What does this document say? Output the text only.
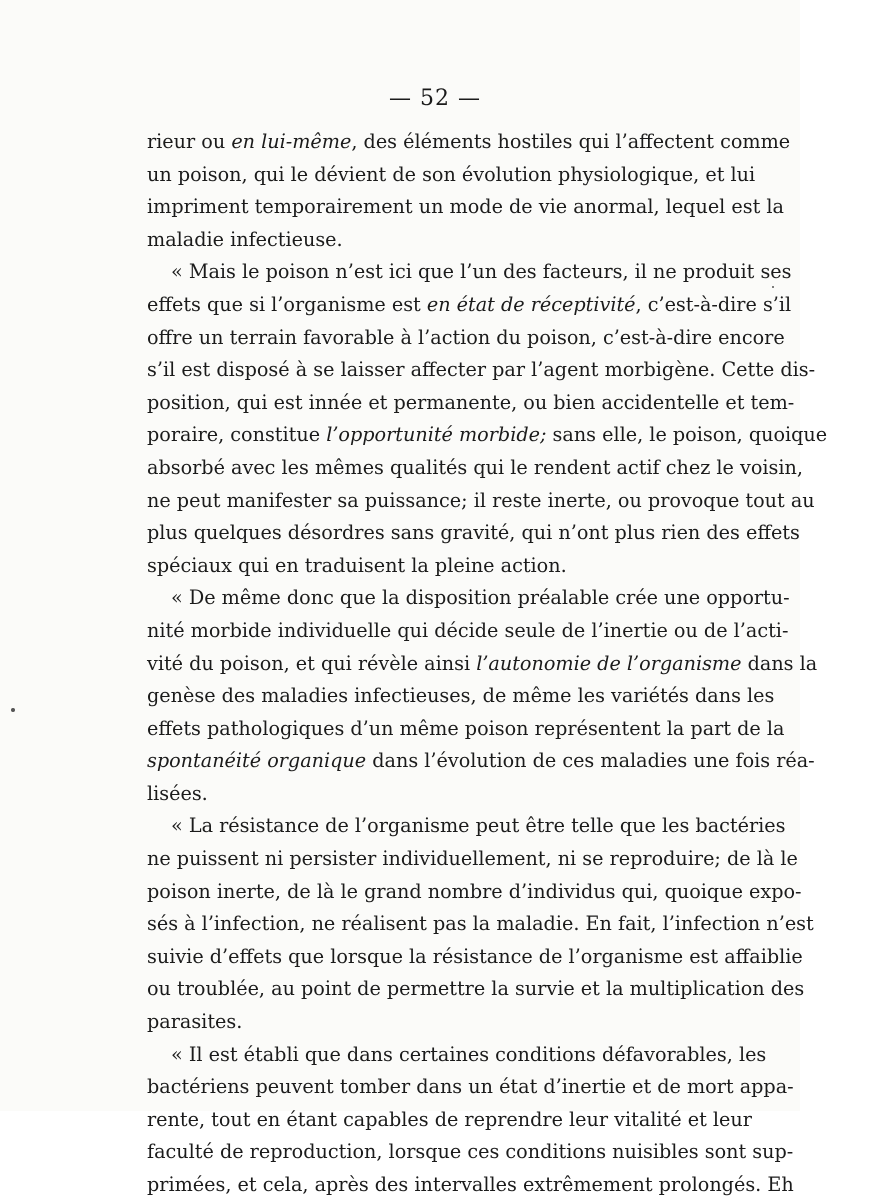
— 52 —
rieur ou en lui-même, des éléments hostiles qui l’affectent comme
un poison, qui le dévient de son évolution physiologique, et lui
impriment temporairement un mode de vie anormal, lequel est la
maladie infectieuse.
« Mais le poison n’est ici que l’un des facteurs, il ne produit ses
effets que si l’organisme est en état de réceptivité, c’est-à-dire s’il
offre un terrain favorable à l’action du poison, c’est-à-dire encore
s’il est disposé à se laisser affecter par l’agent morbigène. Cette dis-
position, qui est innée et permanente, ou bien accidentelle et tem-
poraire, constitue l’opportunité morbide; sans elle, le poison, quoique
absorbé avec les mêmes qualités qui le rendent actif chez le voisin,
ne peut manifester sa puissance; il reste inerte, ou provoque tout au
plus quelques désordres sans gravité, qui n’ont plus rien des effets
spéciaux qui en traduisent la pleine action.
« De même donc que la disposition préalable crée une opportu-
nité morbide individuelle qui décide seule de l’inertie ou de l’acti-
vité du poison, et qui révèle ainsi l’autonomie de l’organisme dans la
genèse des maladies infectieuses, de même les variétés dans les
effets pathologiques d’un même poison représentent la part de la
spontanéité organique dans l’évolution de ces maladies une fois réa-
lisées.
« La résistance de l’organisme peut être telle que les bactéries
ne puissent ni persister individuellement, ni se reproduire; de là le
poison inerte, de là le grand nombre d’individus qui, quoique expo-
sés à l’infection, ne réalisent pas la maladie. En fait, l’infection n’est
suivie d’effets que lorsque la résistance de l’organisme est affaiblie
ou troublée, au point de permettre la survie et la multiplication des
parasites.
« Il est établi que dans certaines conditions défavorables, les
bactériens peuvent tomber dans un état d’inertie et de mort appa-
rente, tout en étant capables de reprendre leur vitalité et leur
faculté de reproduction, lorsque ces conditions nuisibles sont sup-
primées, et cela, après des intervalles extrêmement prolongés. Eh
